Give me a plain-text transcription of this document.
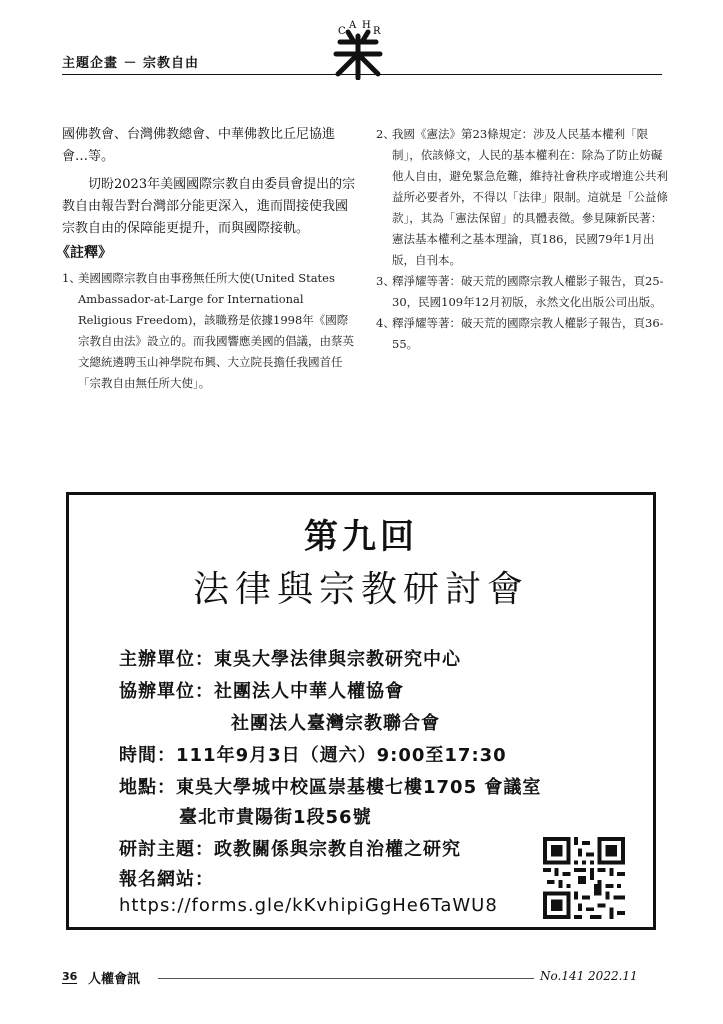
主題企畫 － 宗教自由
C
A H
R

國佛教會、台灣佛教總會、中華佛教比丘尼協進會…等。

切盼2023年美國國際宗教自由委員會提出的宗教自由報告對台灣部分能更深入，進而間接使我國宗教自由的保障能更提升，而與國際接軌。

《註釋》
1、
美國國際宗教自由事務無任所大使(United States Ambassador-at-Large for International Religious Freedom)，該職務是依據1998年《國際宗教自由法》設立的。而我國響應美國的倡議，由蔡英文總統遴聘玉山神學院布興、大立院長擔任我國首任「宗教自由無任所大使」。
2、
我國《憲法》第23條規定：涉及人民基本權利「限制」，依該條文，人民的基本權利在：除為了防止妨礙他人自由，避免緊急危難，維持社會秩序或增進公共利益所必要者外，不得以「法律」限制。這就是「公益條款」，其為「憲法保留」的具體表徵。參見陳新民著：憲法基本權利之基本理論，頁186，民國79年1月出版，自刊本。
3、
釋淨耀等著：破天荒的國際宗教人權影子報告，頁25-30，民國109年12月初版，永然文化出版公司出版。
4、
釋淨耀等著：破天荒的國際宗教人權影子報告，頁36-55。
第九回
法律與宗教研討會
主辦單位：東吳大學法律與宗教研究中心
協辦單位：社團法人中華人權協會
社團法人臺灣宗教聯合會
時間：111年9月3日（週六）9:00至17:30
地點：東吳大學城中校區崇基樓七樓1705 會議室
臺北市貴陽街1段56號
研討主題：政教關係與宗教自治權之研究
報名網站：
https://forms.gle/kKvhipiGgHe6TaWU8
36 人權會訊	No.141 2022.11
